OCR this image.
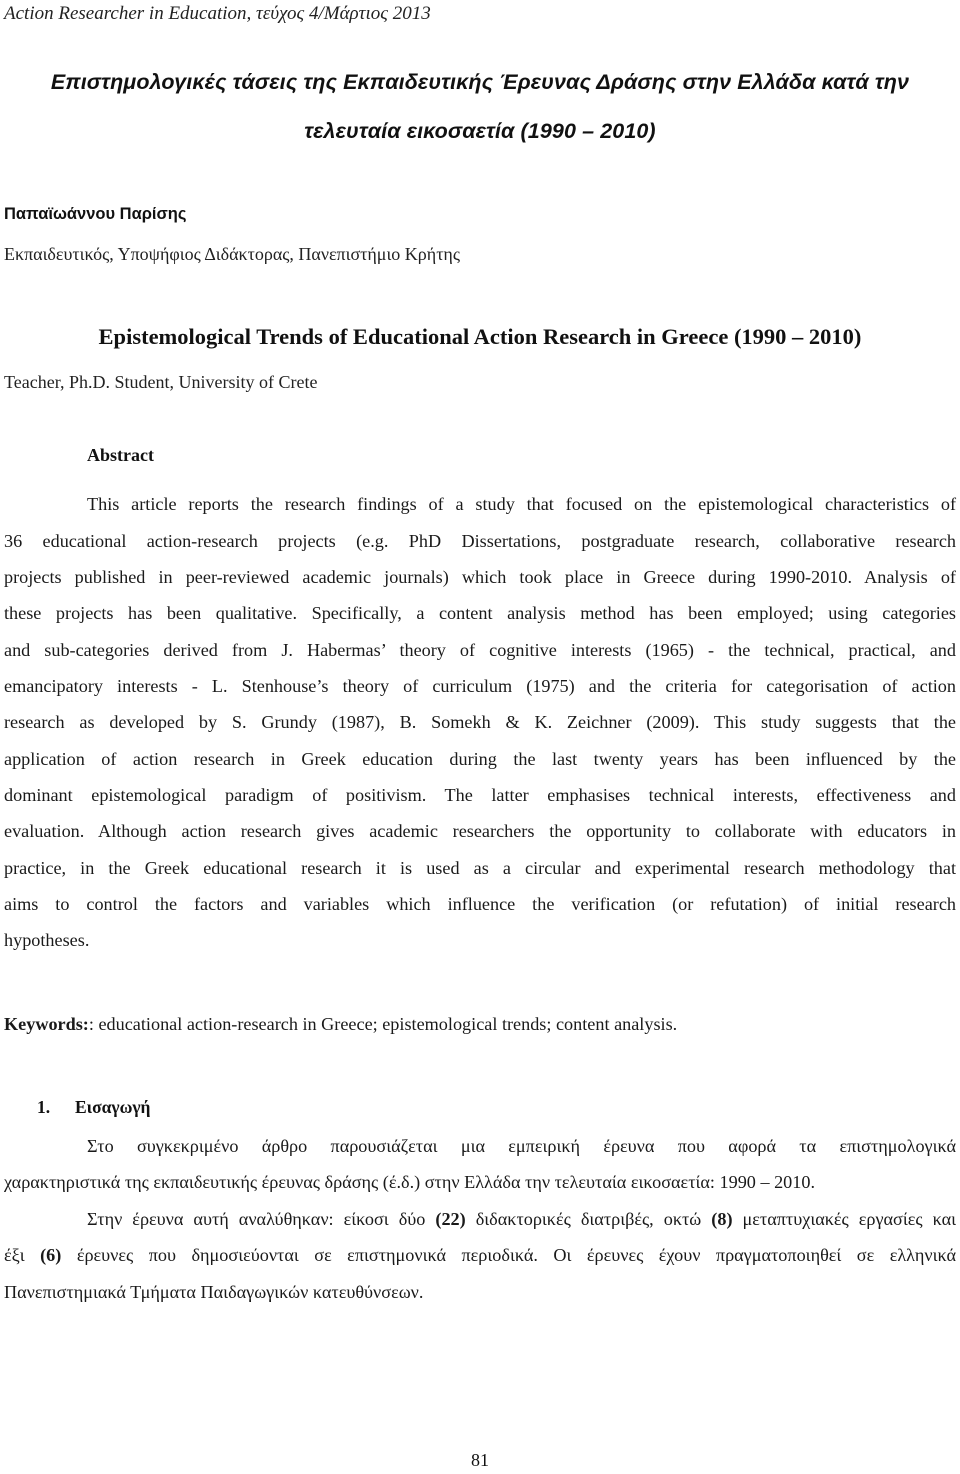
Action Researcher in Education, τεύχος 4/Μάρτιος 2013
Επιστημολογικές τάσεις της Εκπαιδευτικής Έρευνας Δράσης στην Ελλάδα κατά την
τελευταία εικοσαετία (1990 – 2010)
Παπαϊωάννου Παρίσης
Εκπαιδευτικός, Υποψήφιος Διδάκτορας, Πανεπιστήμιο Κρήτης
Epistemological Trends of Educational Action Research in Greece (1990 – 2010)
Teacher, Ph.D. Student, University of Crete
Abstract
This article reports the research findings of a study that focused on the epistemological characteristics of
36 educational action-research projects (e.g. PhD Dissertations, postgraduate research, collaborative research
projects published in peer-reviewed academic journals) which took place in Greece during 1990-2010. Analysis of
these projects has been qualitative. Specifically, a content analysis method has been employed; using categories
and sub-categories derived from J. Habermas’ theory of cognitive interests (1965) - the technical, practical, and
emancipatory interests - L. Stenhouse’s theory of curriculum (1975) and the criteria for categorisation of action
research as developed by S. Grundy (1987), B. Somekh & K. Zeichner (2009). This study suggests that the
application of action research in Greek education during the last twenty years has been influenced by the
dominant epistemological paradigm of positivism. The latter emphasises technical interests, effectiveness and
evaluation. Although action research gives academic researchers the opportunity to collaborate with educators in
practice, in the Greek educational research it is used as a circular and experimental research methodology that
aims to control the factors and variables which influence the verification (or refutation) of initial research
hypotheses.
Keywords:: educational action-research in Greece; epistemological trends; content analysis.
1. Εισαγωγή
Στο συγκεκριμένο άρθρο παρουσιάζεται μια εμπειρική έρευνα που αφορά τα επιστημολογικά
χαρακτηριστικά της εκπαιδευτικής έρευνας δράσης (έ.δ.) στην Ελλάδα την τελευταία εικοσαετία: 1990 – 2010.
Στην έρευνα αυτή αναλύθηκαν: είκοσι δύο (22) διδακτορικές διατριβές, οκτώ (8) μεταπτυχιακές εργασίες και
έξι (6) έρευνες που δημοσιεύονται σε επιστημονικά περιοδικά. Οι έρευνες έχουν πραγματοποιηθεί σε ελληνικά
Πανεπιστημιακά Τμήματα Παιδαγωγικών κατευθύνσεων.
81
